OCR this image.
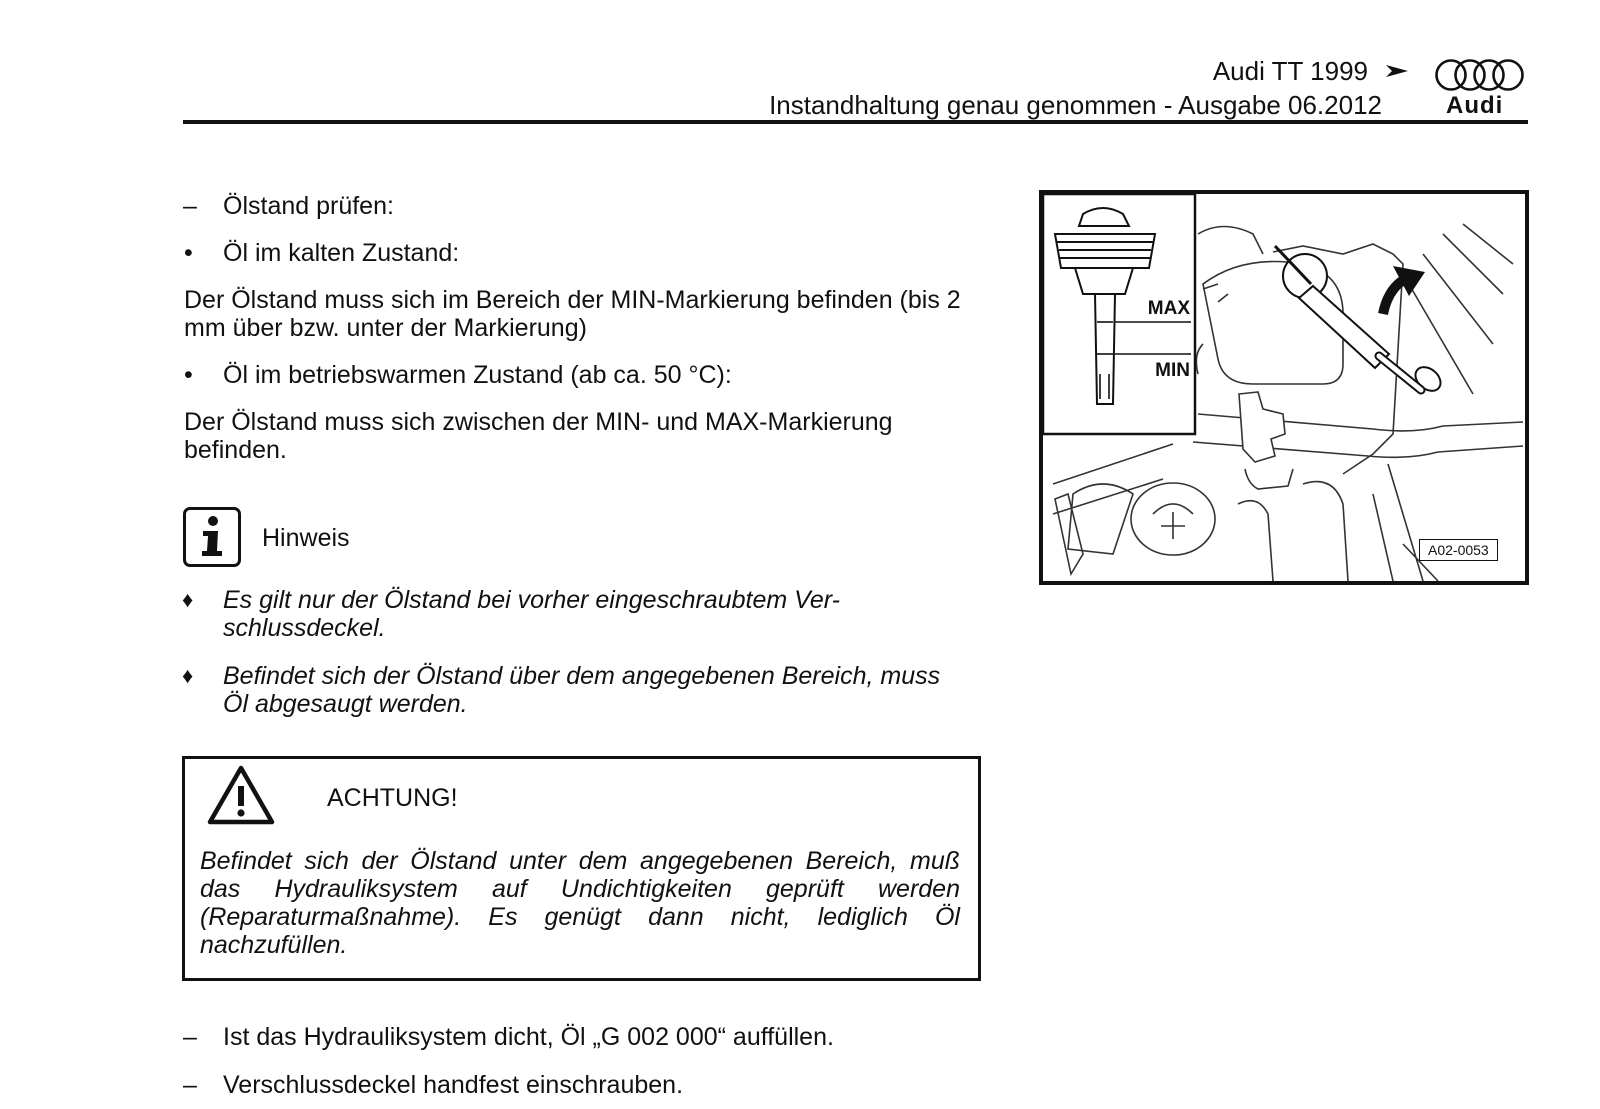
Audi TT 1999
Instandhaltung genau genommen - Ausgabe 06.2012	Audi
– Ölstand prüfen:
• Öl im kalten Zustand:
Der Ölstand muss sich im Bereich der MIN-Markierung befinden (bis 2 mm über bzw. unter der Markierung)
• Öl im betriebswarmen Zustand (ab ca. 50 °C):
Der Ölstand muss sich zwischen der MIN- und MAX-Markierung befinden.
Hinweis
♦ Es gilt nur der Ölstand bei vorher eingeschraubtem Ver-
schlussdeckel.
♦ Befindet sich der Ölstand über dem angegebenen Bereich, muss Öl abgesaugt werden.
ACHTUNG!
Befindet sich der Ölstand unter dem angegebenen Bereich, muß das Hydrauliksystem auf Undichtigkeiten geprüft werden (Reparaturmaßnahme). Es genügt dann nicht, lediglich Öl nachzufüllen.
– Ist das Hydrauliksystem dicht, Öl „G 002 000“ auffüllen.
– Verschlussdeckel handfest einschrauben.
MAX
MIN
A02-0053
